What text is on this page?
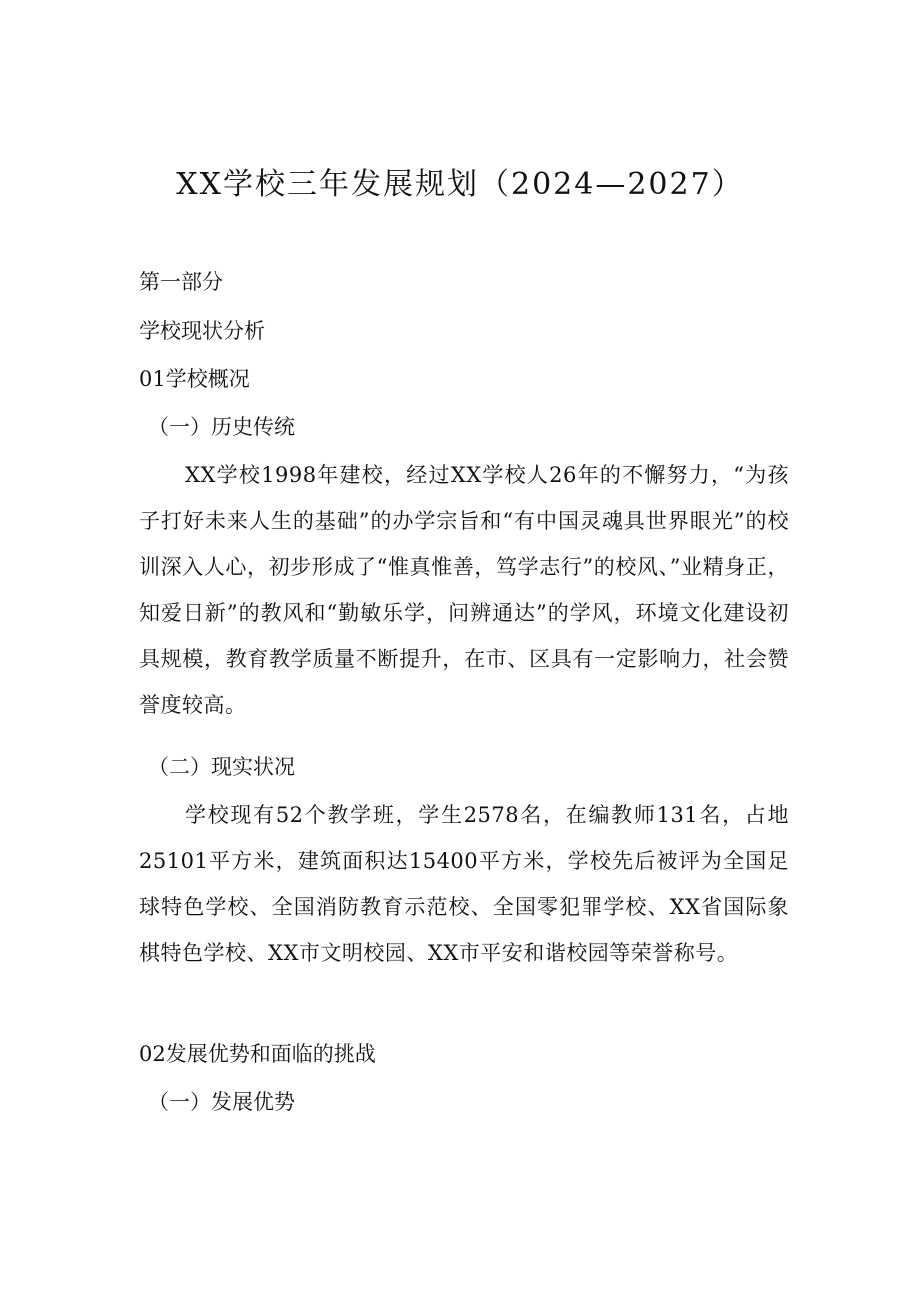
XX学校三年发展规划（2024—2027）
第一部分
学校现状分析
01学校概况
（一）历史传统
XX学校1998年建校，经过XX学校人26年的不懈努力，“为孩子打好未来人生的基础”的办学宗旨和“有中国灵魂具世界眼光”的校训深入人心，初步形成了“惟真惟善，笃学志行”的校风、”业精身正，知爱日新”的教风和“勤敏乐学，问辨通达”的学风，环境文化建设初具规模，教育教学质量不断提升，在市、区具有一定影响力，社会赞誉度较高。
（二）现实状况
学校现有52个教学班，学生2578名，在编教师131名，占地25101平方米，建筑面积达15400平方米，学校先后被评为全国足球特色学校、全国消防教育示范校、全国零犯罪学校、XX省国际象棋特色学校、XX市文明校园、XX市平安和谐校园等荣誉称号。
02发展优势和面临的挑战
（一）发展优势
